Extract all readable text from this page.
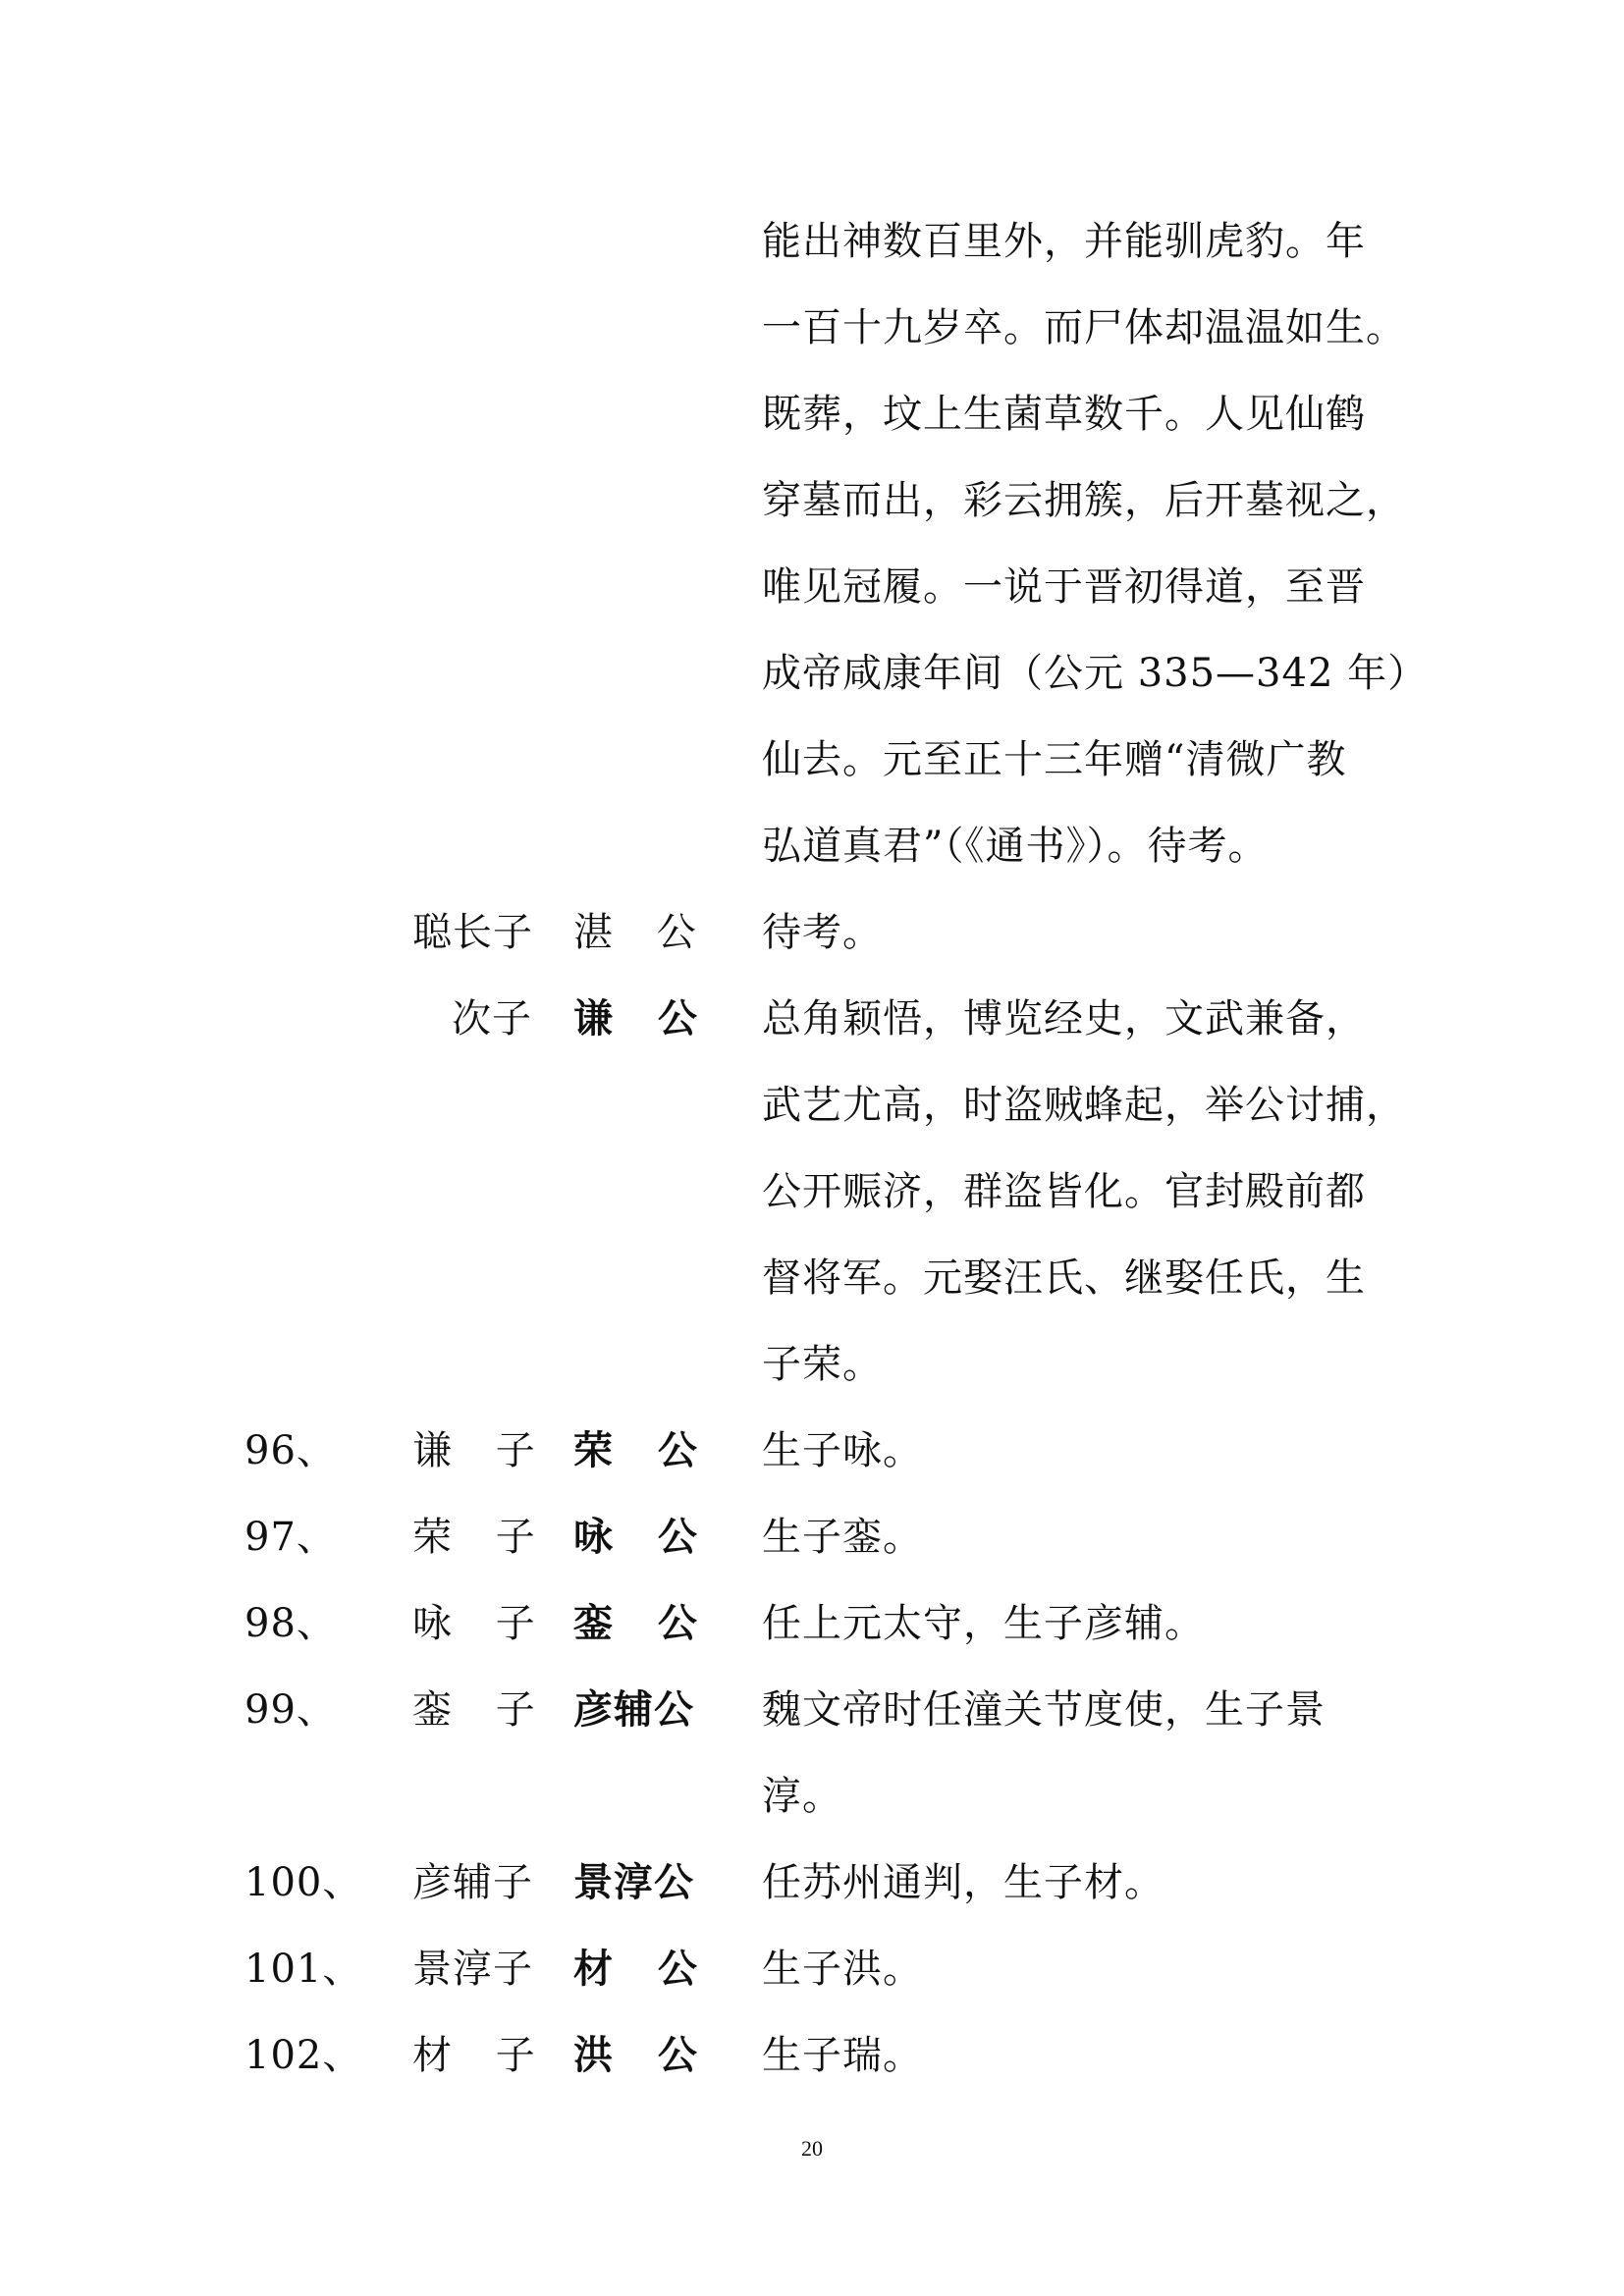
能出神数百里外，并能驯虎豹。年
一百十九岁卒。而尸体却温温如生。
既葬，坟上生菌草数千。人见仙鹤
穿墓而出，彩云拥簇，后开墓视之，
唯见冠履。一说于晋初得道，至晋
成帝咸康年间（公元 335—342 年）
仙去。元至正十三年赠“清微广教
弘道真君”（《通书》）。待考。
聪长子 湛 公 待考。
次子 谦 公 总角颖悟，博览经史，文武兼备，
武艺尤高，时盗贼蜂起，举公讨捕，
公开赈济，群盗皆化。官封殿前都
督将军。元娶汪氏、继娶任氏，生
子荣。
96、 谦 子 荣 公 生子咏。
97、 荣 子 咏 公 生子銮。
98、 咏 子 銮 公 任上元太守，生子彦辅。
99、 銮 子 彦辅公 魏文帝时任潼关节度使，生子景
淳。
100、 彦辅子 景淳公 任苏州通判，生子材。
101、 景淳子 材 公 生子洪。
102、 材 子 洪 公 生子瑞。
20
